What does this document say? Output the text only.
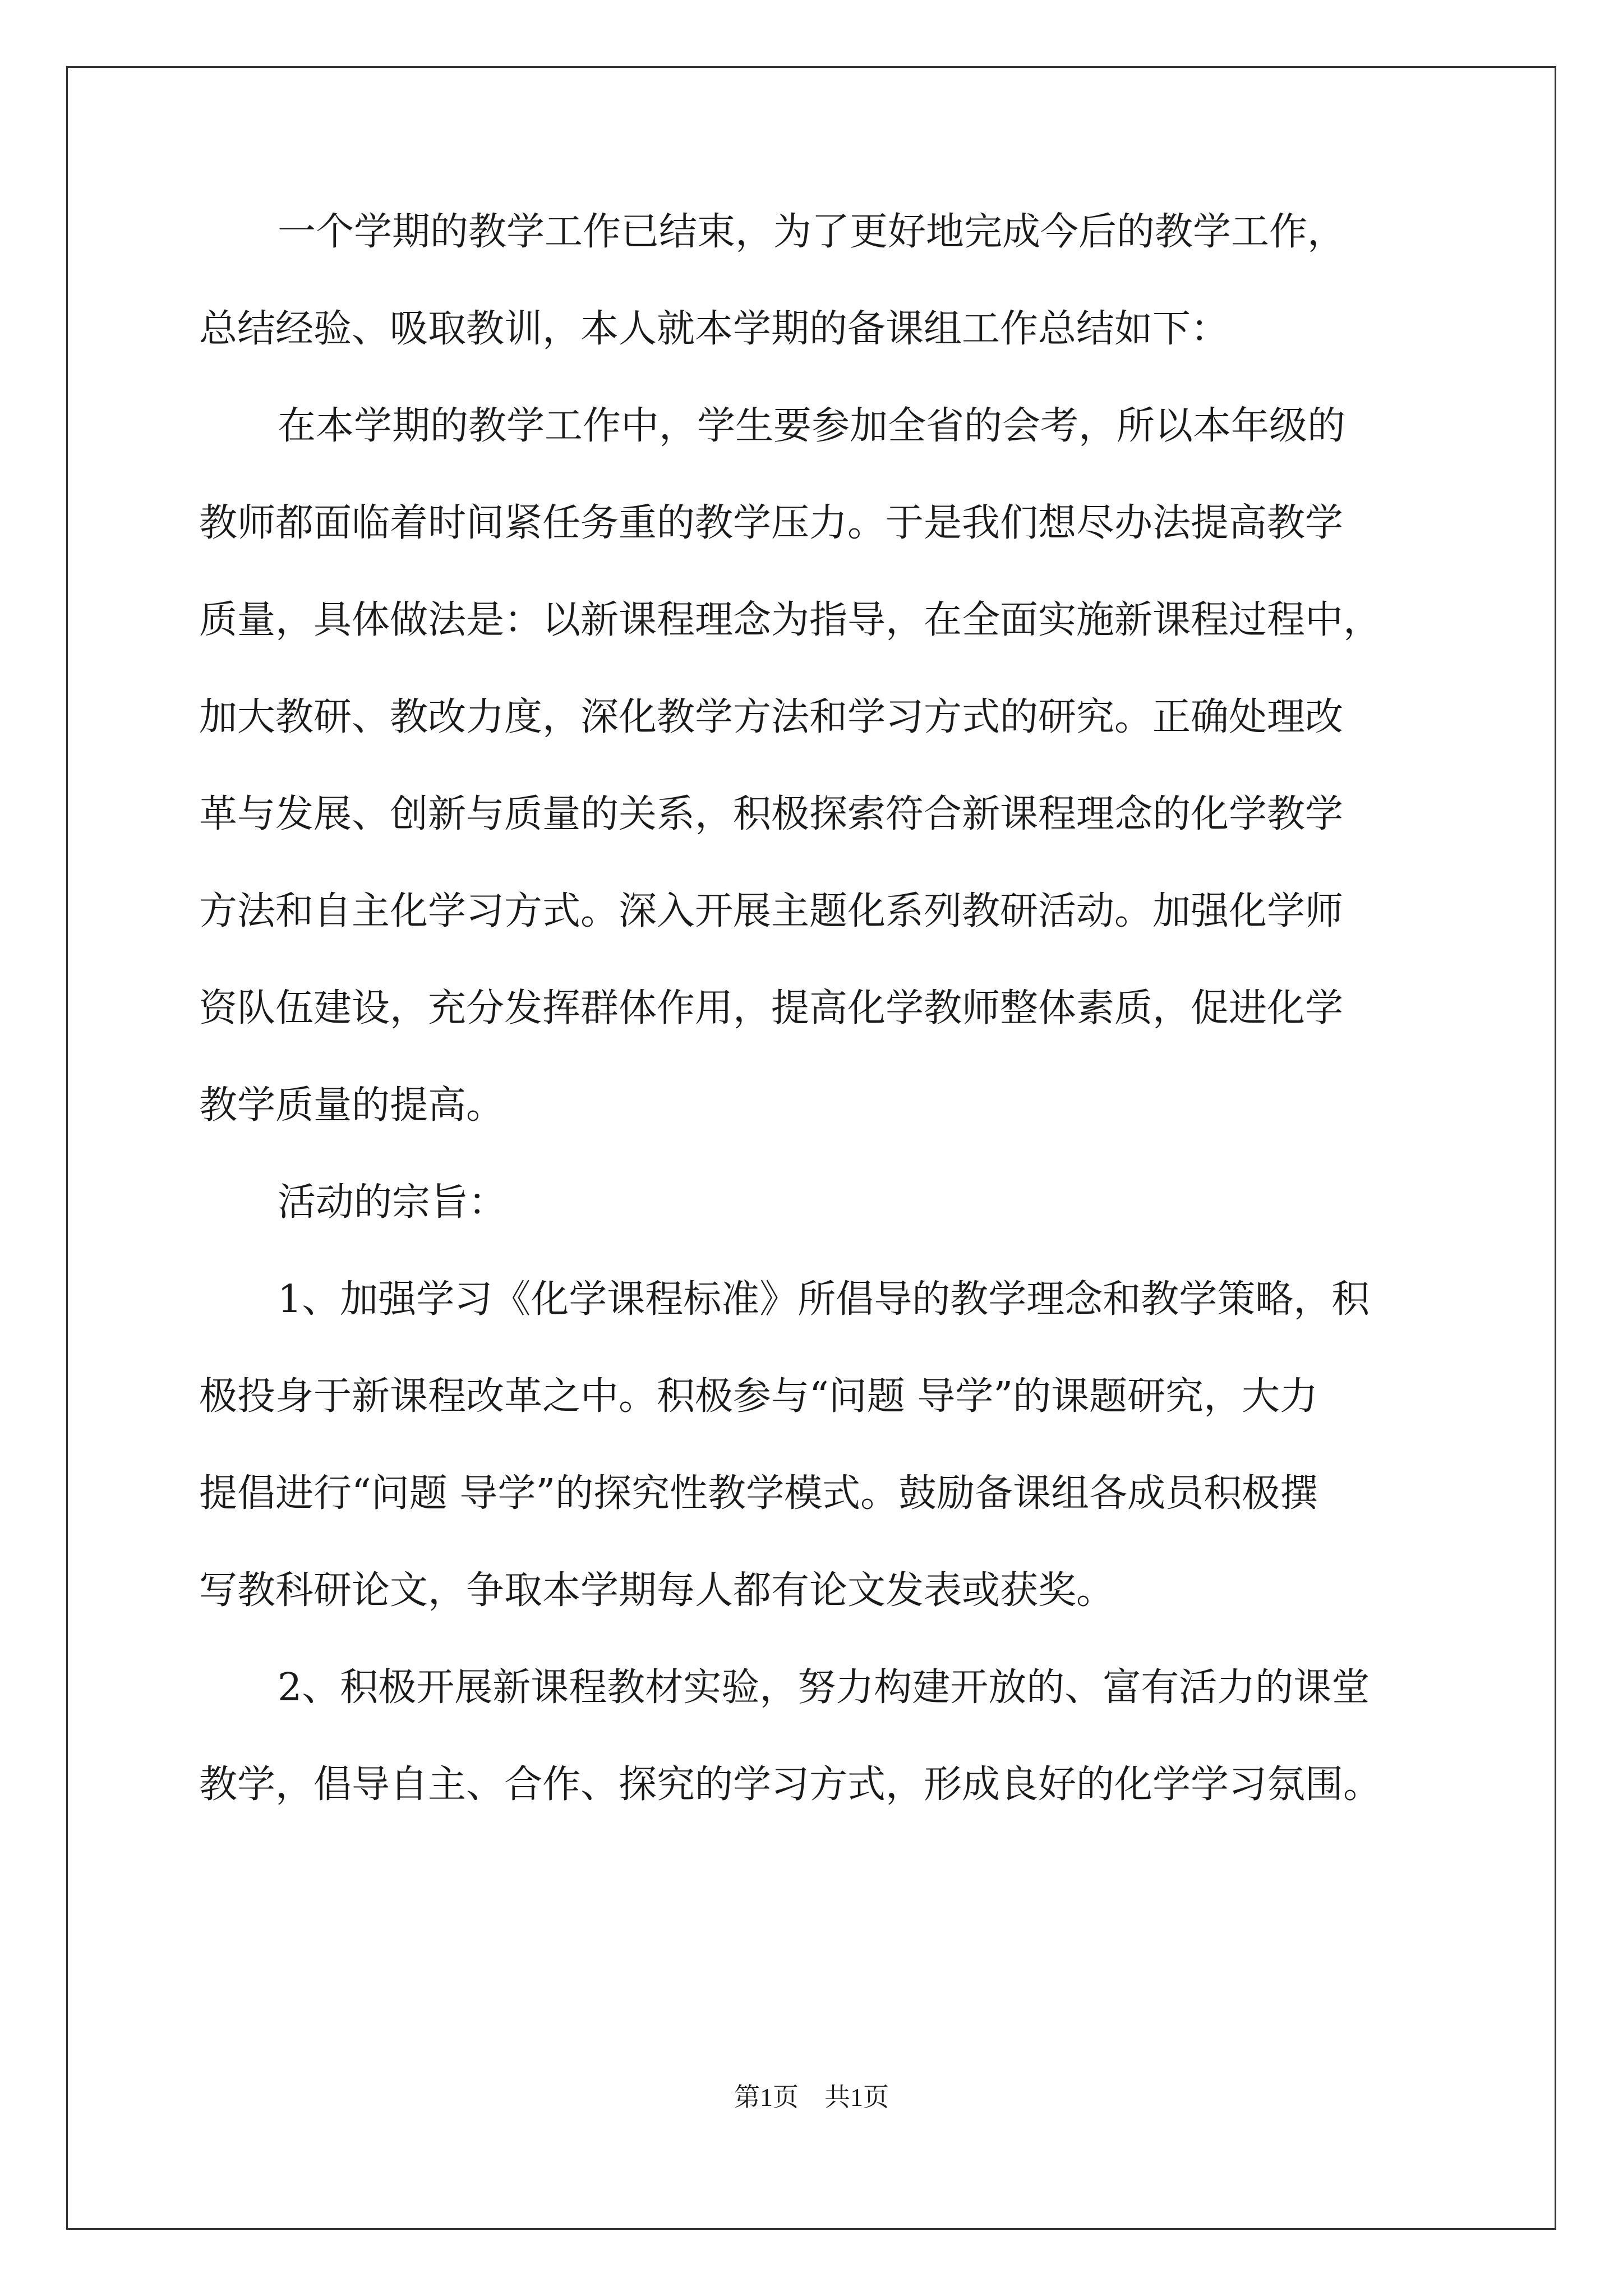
一个学期的教学工作已结束，为了更好地完成今后的教学工作，

总结经验、吸取教训，本人就本学期的备课组工作总结如下：

在本学期的教学工作中，学生要参加全省的会考，所以本年级的

教师都面临着时间紧任务重的教学压力。于是我们想尽办法提高教学

质量，具体做法是：以新课程理念为指导，在全面实施新课程过程中，

加大教研、教改力度，深化教学方法和学习方式的研究。正确处理改

革与发展、创新与质量的关系，积极探索符合新课程理念的化学教学

方法和自主化学习方式。深入开展主题化系列教研活动。加强化学师

资队伍建设，充分发挥群体作用，提高化学教师整体素质，促进化学

教学质量的提高。

活动的宗旨：

1、加强学习《化学课程标准》所倡导的教学理念和教学策略，积

极投身于新课程改革之中。积极参与“问题 导学”的课题研究，大力

提倡进行“问题 导学”的探究性教学模式。鼓励备课组各成员积极撰

写教科研论文，争取本学期每人都有论文发表或获奖。

2、积极开展新课程教材实验，努力构建开放的、富有活力的课堂

教学，倡导自主、合作、探究的学习方式，形成良好的化学学习氛围。

第1页　共1页
